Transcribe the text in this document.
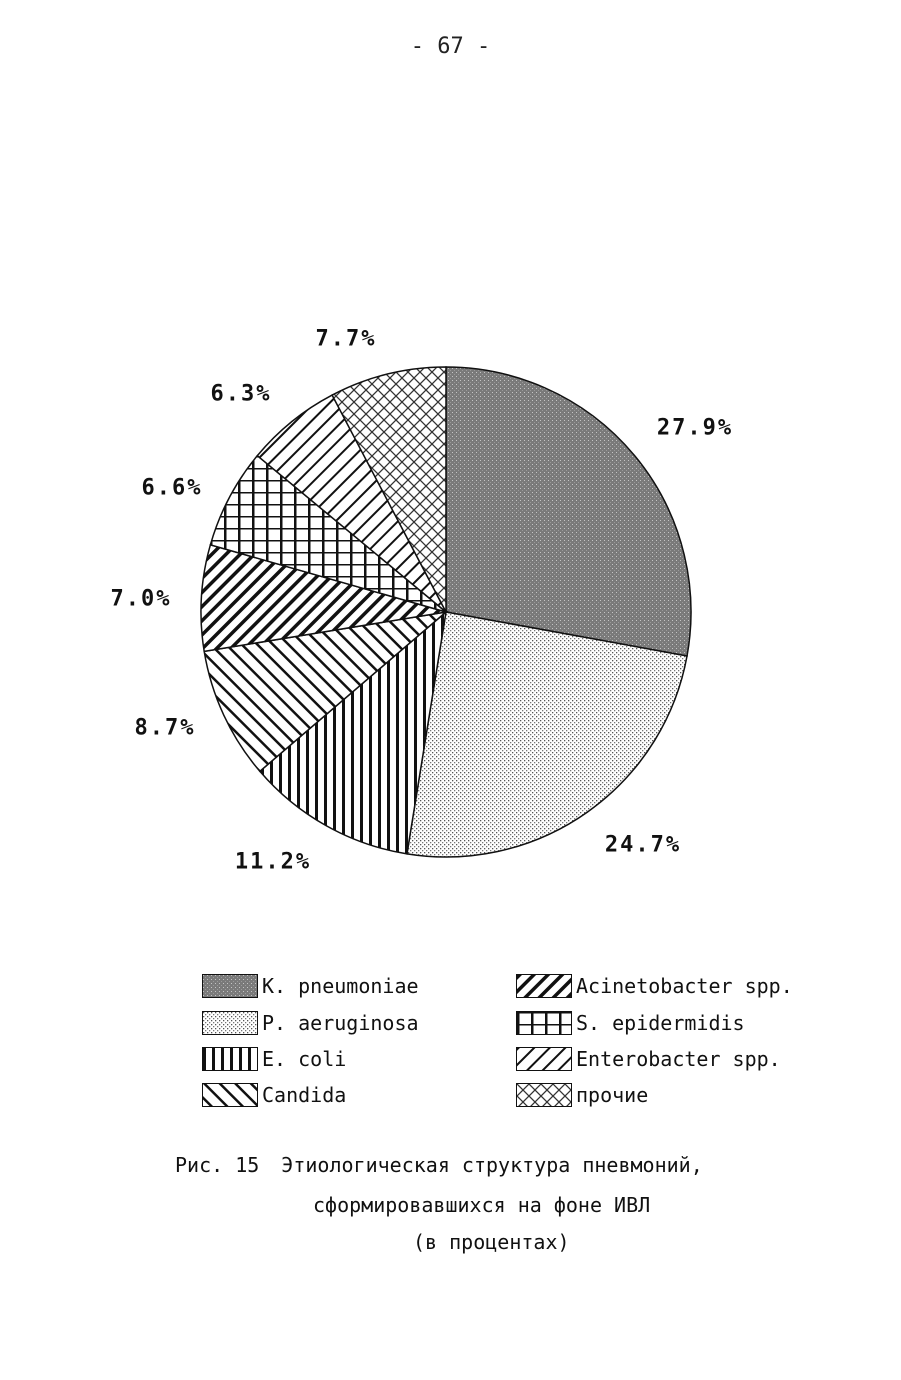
- 67 -
27.9%
24.7%
11.2%
8.7%
7.0%
6.6%
6.3%
7.7%
K. pneumoniae
P. aeruginosa
E. coli
Candida
Acinetobacter spp.
S. epidermidis
Enterobacter spp.
прочие
Рис. 15 Этиологическая структура пневмоний,
сформировавшихся на фоне ИВЛ
(в процентах)
